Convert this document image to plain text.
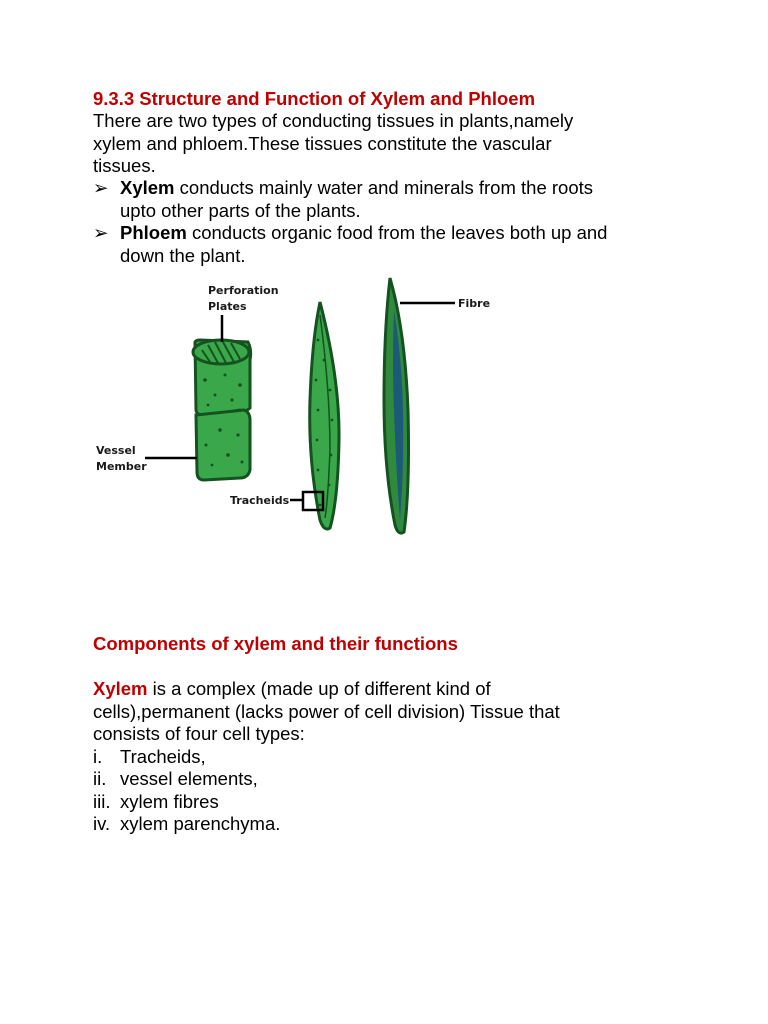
9.3.3 Structure and Function of Xylem and Phloem
There are two types of conducting tissues in plants,namely
xylem and phloem.These tissues constitute the vascular
tissues.
➢ Xylem conducts mainly water and minerals from the roots
upto other parts of the plants.
➢ Phloem conducts organic food from the leaves both up and
down the plant.
Perforation
Plates
Vessel
Member
Tracheids
Fibre
Components of xylem and their functions
Xylem is a complex (made up of different kind of
cells),permanent (lacks power of cell division) Tissue that
consists of four cell types:
i. Tracheids,
ii. vessel elements,
iii. xylem fibres
iv. xylem parenchyma.
